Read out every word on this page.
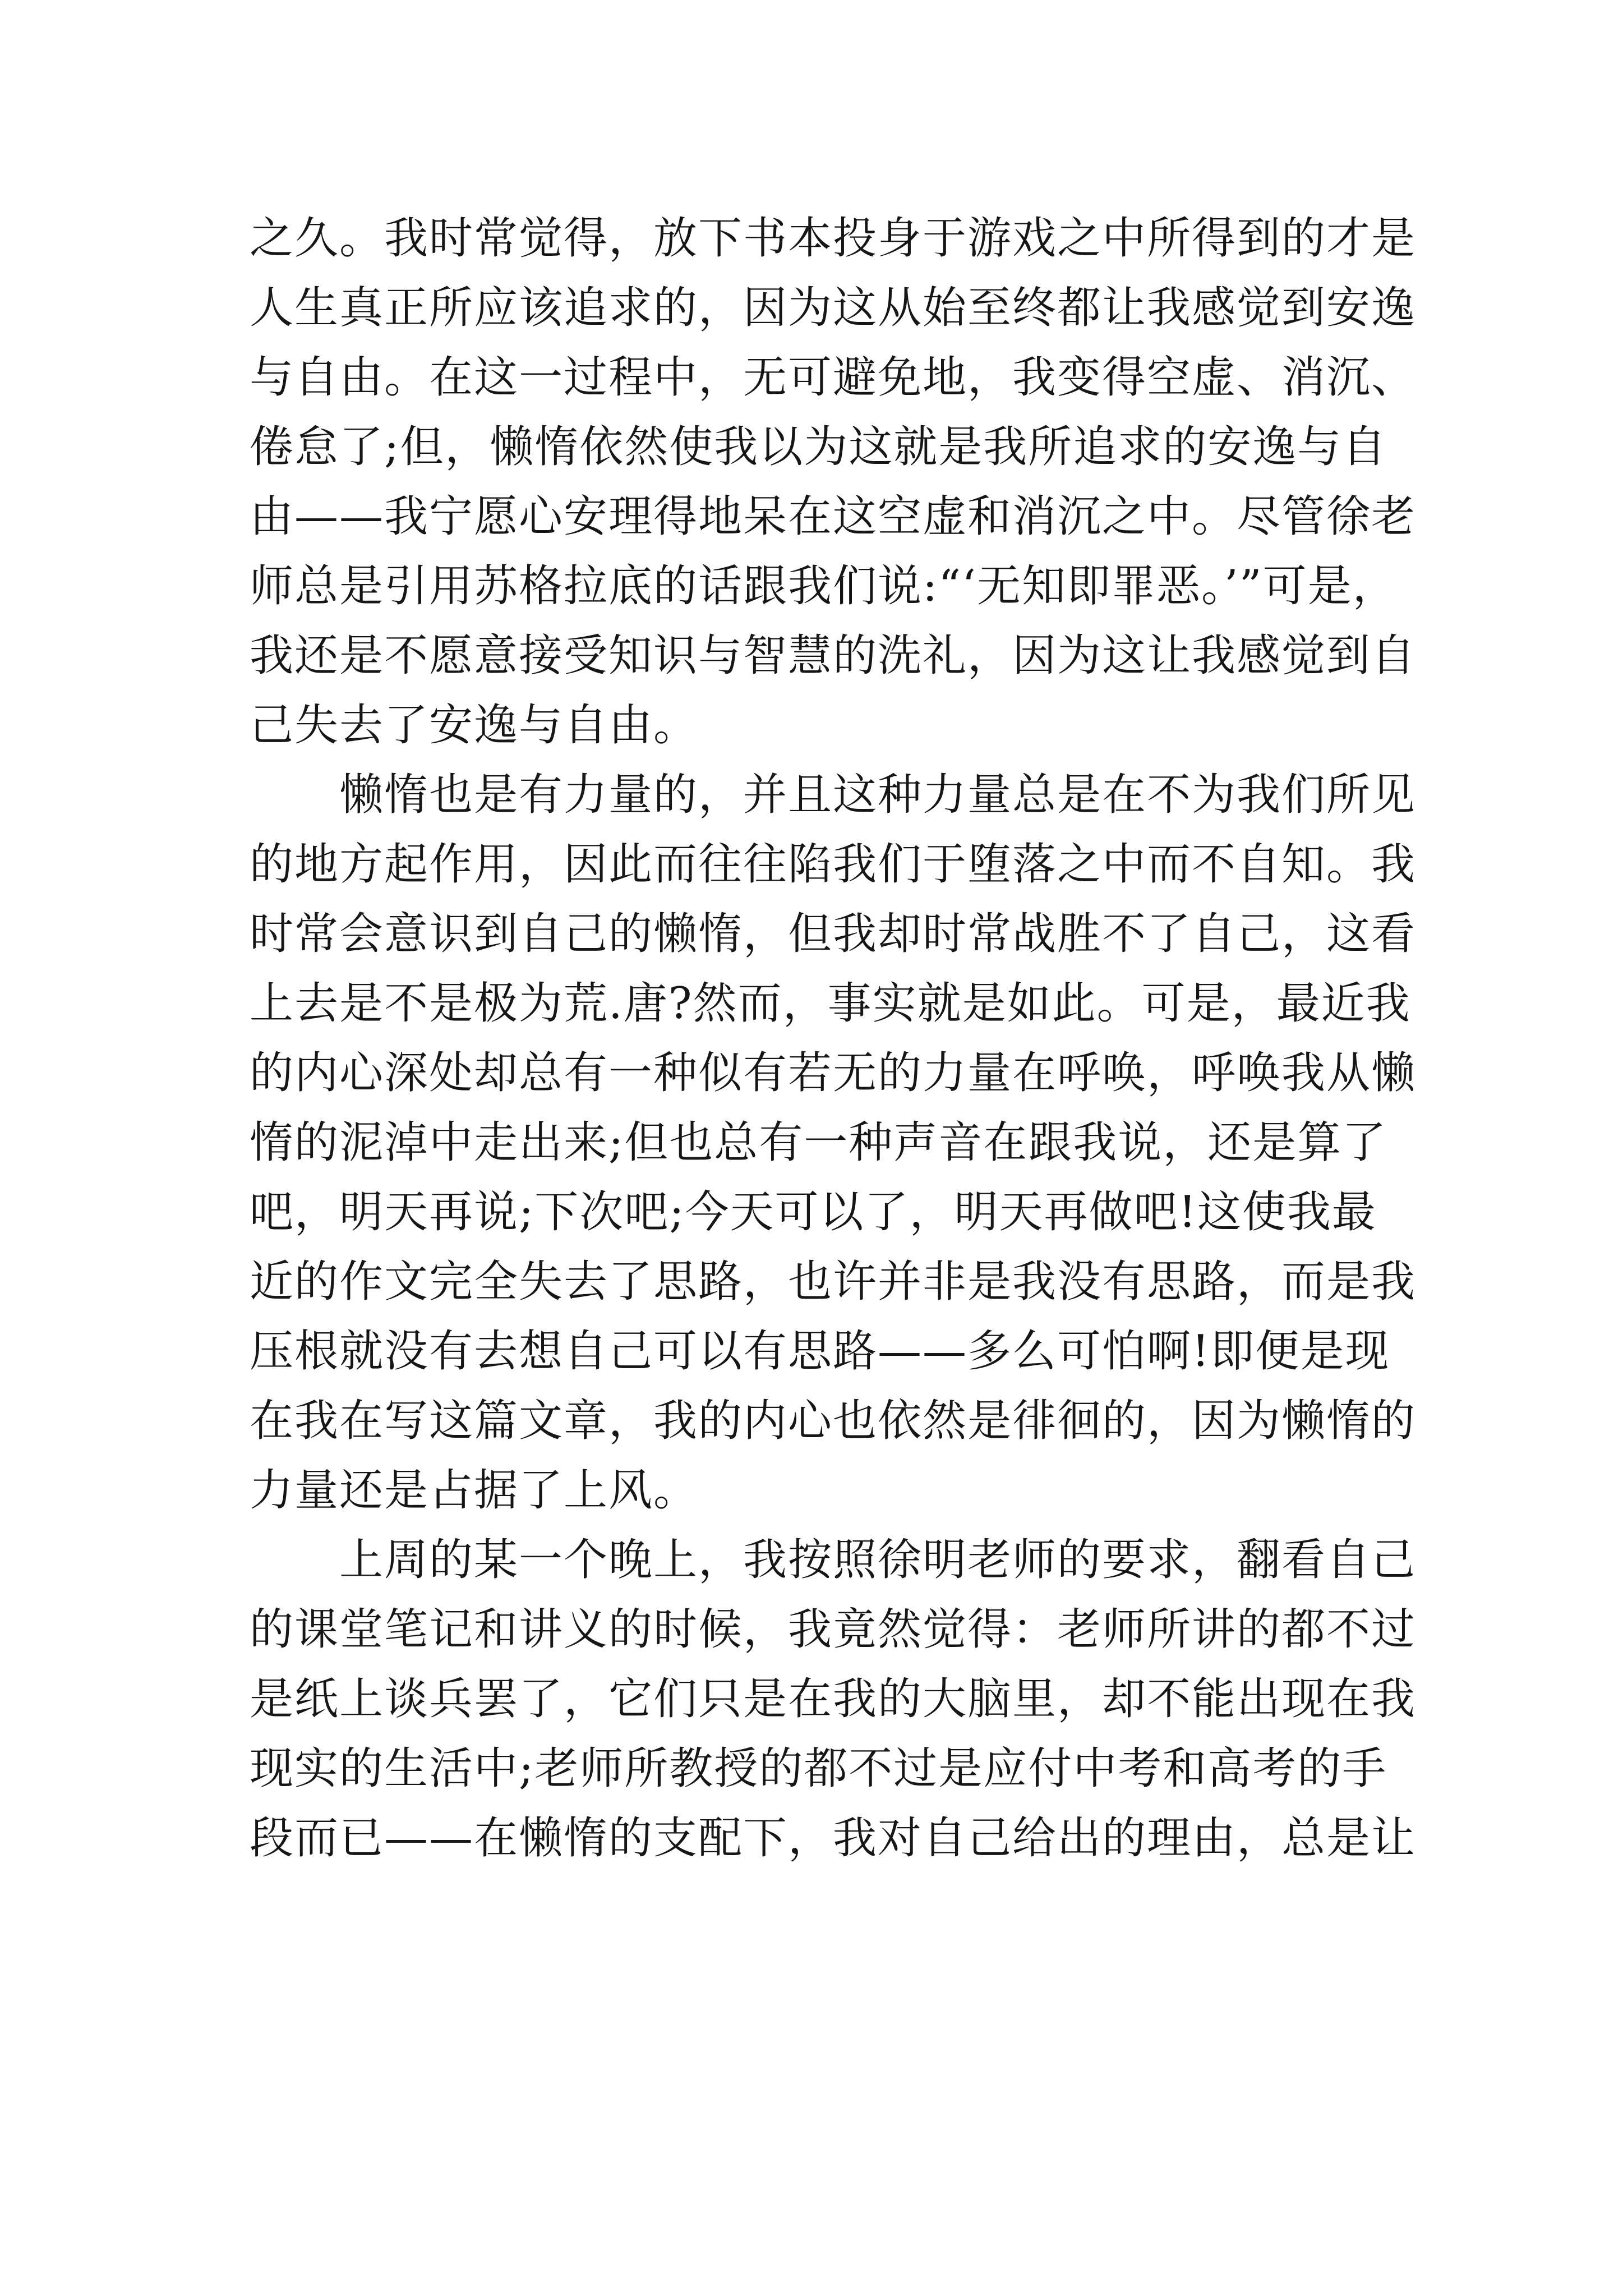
之久。我时常觉得，放下书本投身于游戏之中所得到的才是
人生真正所应该追求的，因为这从始至终都让我感觉到安逸
与自由。在这一过程中，无可避免地，我变得空虚、消沉、
倦怠了;但，懒惰依然使我以为这就是我所追求的安逸与自
由——我宁愿心安理得地呆在这空虚和消沉之中。尽管徐老
师总是引用苏格拉底的话跟我们说:“‘无知即罪恶。’”可是，
我还是不愿意接受知识与智慧的洗礼，因为这让我感觉到自
己失去了安逸与自由。
　　懒惰也是有力量的，并且这种力量总是在不为我们所见
的地方起作用，因此而往往陷我们于堕落之中而不自知。我
时常会意识到自己的懒惰，但我却时常战胜不了自己，这看
上去是不是极为荒.唐?然而，事实就是如此。可是，最近我
的内心深处却总有一种似有若无的力量在呼唤，呼唤我从懒
惰的泥淖中走出来;但也总有一种声音在跟我说，还是算了
吧，明天再说;下次吧;今天可以了，明天再做吧!这使我最
近的作文完全失去了思路，也许并非是我没有思路，而是我
压根就没有去想自己可以有思路——多么可怕啊!即便是现
在我在写这篇文章，我的内心也依然是徘徊的，因为懒惰的
力量还是占据了上风。
　　上周的某一个晚上，我按照徐明老师的要求，翻看自己
的课堂笔记和讲义的时候，我竟然觉得：老师所讲的都不过
是纸上谈兵罢了，它们只是在我的大脑里，却不能出现在我
现实的生活中;老师所教授的都不过是应付中考和高考的手
段而已——在懒惰的支配下，我对自己给出的理由，总是让
